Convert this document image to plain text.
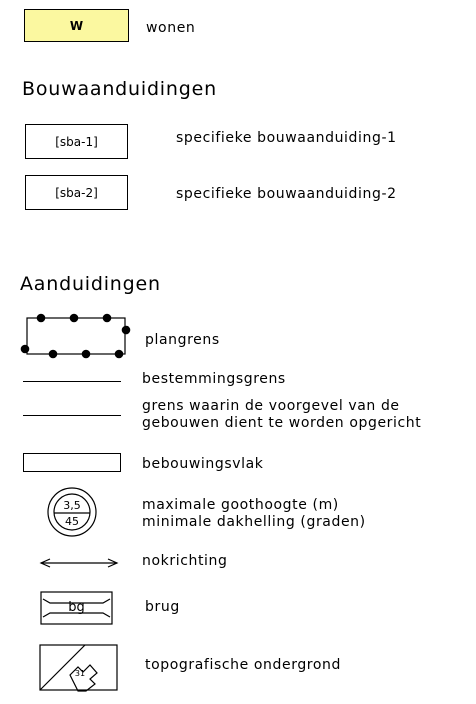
W	wonen
Bouwaanduidingen
[sba-1]	specifieke bouwaanduiding-1
[sba-2]	specifieke bouwaanduiding-2
Aanduidingen
plangrens
bestemmingsgrens
grens waarin de voorgevel van de
gebouwen dient te worden opgericht
bebouwingsvlak
3,5
45
maximale goothoogte (m)
minimale dakhelling (graden)
nokrichting
bg	brug
31
topografische ondergrond
